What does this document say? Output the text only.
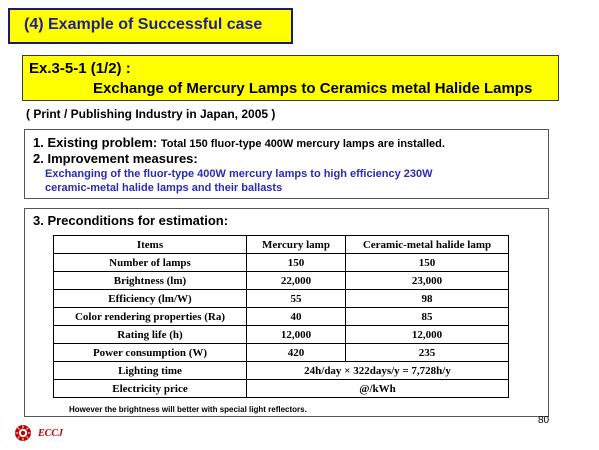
(4) Example of Successful case
Ex.3-5-1 (1/2) :
Exchange of Mercury Lamps to Ceramics metal Halide Lamps
( Print / Publishing Industry in Japan, 2005 )
1. Existing problem: Total 150 fluor-type 400W mercury lamps are installed.
2. Improvement measures:
Exchanging of the fluor-type 400W mercury lamps to high efficiency 230W
ceramic-metal halide lamps and their ballasts
3. Preconditions for estimation:
Items	Mercury lamp	Ceramic-metal halide lamp
Number of lamps	150	150
Brightness (lm)	22,000	23,000
Efficiency (lm/W)	55	98
Color rendering properties (Ra)	40	85
Rating life (h)	12,000	12,000
Power consumption (W)	420	235
Lighting time	24h/day × 322days/y = 7,728h/y	
Electricity price	@/kWh	
However the brightness will better with special light reflectors.
80
ECCJ
